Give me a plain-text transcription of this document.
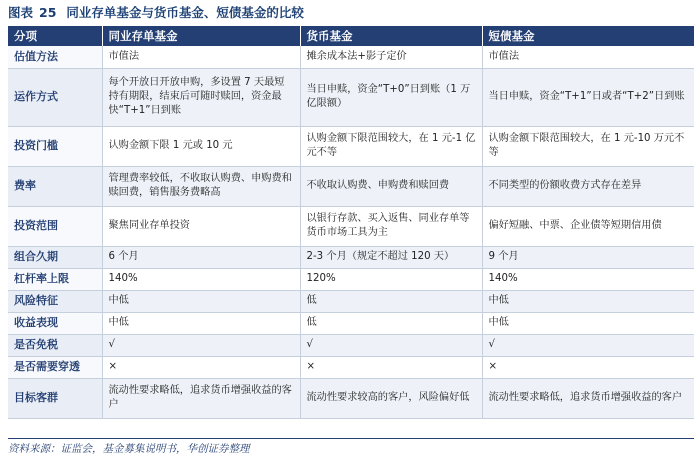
图表 25 同业存单基金与货币基金、短债基金的比较
分项	同业存单基金	货币基金	短债基金
估值方法	市值法	摊余成本法+影子定价	市值法
运作方式	每个开放日开放申购，多设置 7 天最短持有期限，结束后可随时赎回，资金最快“T+1”日到账	当日申赎，资金“T+0”日到账（1 万亿限额）	当日申赎，资金“T+1”日或者“T+2”日到账
投资门槛	认购金额下限 1 元或 10 元	认购金额下限范围较大，在 1 元-1 亿元不等	认购金额下限范围较大，在 1 元-10 万元不等
费率	管理费率较低，不收取认购费、申购费和赎回费，销售服务费略高	不收取认购费、申购费和赎回费	不同类型的份额收费方式存在差异
投资范围	聚焦同业存单投资	以银行存款、买入返售、同业存单等货币市场工具为主	偏好短融、中票、企业债等短期信用债
组合久期	6 个月	2-3 个月（规定不超过 120 天）	9 个月
杠杆率上限	140%	120%	140%
风险特征	中低	低	中低
收益表现	中低	低	中低
是否免税	√	√	√
是否需要穿透	×	×	×
目标客群	流动性要求略低，追求货币增强收益的客户	流动性要求较高的客户，风险偏好低	流动性要求略低，追求货币增强收益的客户
资料来源：证监会，基金募集说明书，华创证券整理
